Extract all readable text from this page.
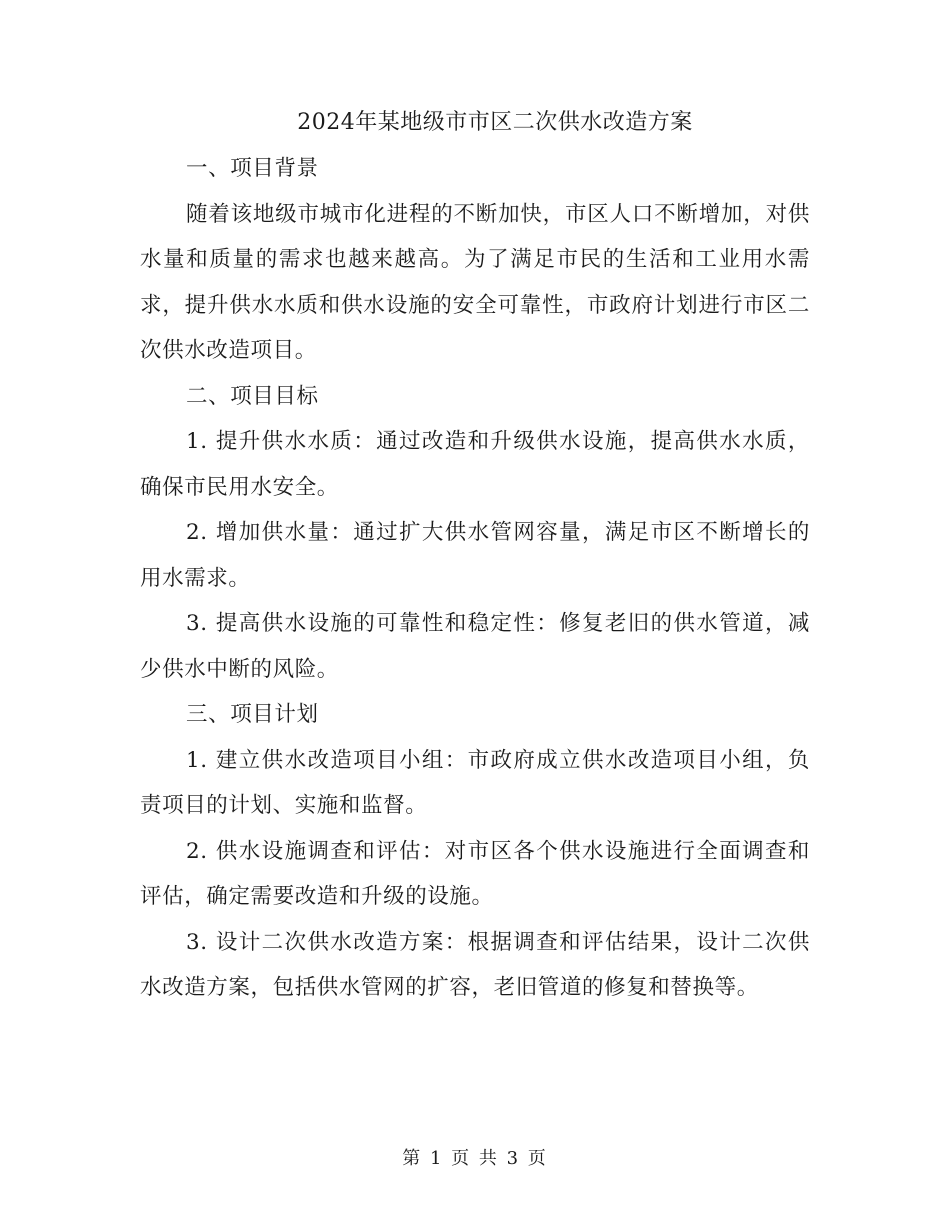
2024年某地级市市区二次供水改造方案

一、项目背景

随着该地级市城市化进程的不断加快，市区人口不断增加，对供水量和质量的需求也越来越高。为了满足市民的生活和工业用水需求，提升供水水质和供水设施的安全可靠性，市政府计划进行市区二次供水改造项目。

二、项目目标

1. 提升供水水质：通过改造和升级供水设施，提高供水水质，确保市民用水安全。

2. 增加供水量：通过扩大供水管网容量，满足市区不断增长的用水需求。

3. 提高供水设施的可靠性和稳定性：修复老旧的供水管道，减少供水中断的风险。

三、项目计划

1. 建立供水改造项目小组：市政府成立供水改造项目小组，负责项目的计划、实施和监督。

2. 供水设施调查和评估：对市区各个供水设施进行全面调查和评估，确定需要改造和升级的设施。

3. 设计二次供水改造方案：根据调查和评估结果，设计二次供水改造方案，包括供水管网的扩容，老旧管道的修复和替换等。

第 1 页 共 3 页
